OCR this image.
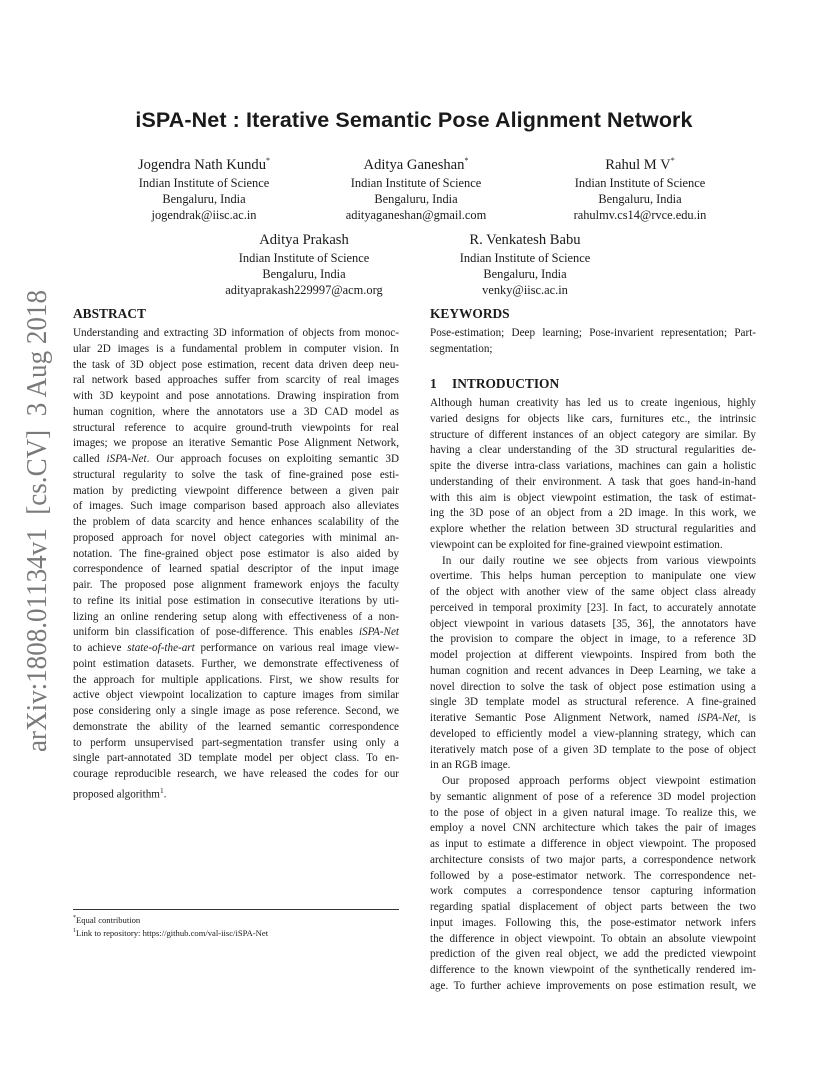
arXiv:1808.01134v1  [cs.CV]  3 Aug 2018
iSPA-Net : Iterative Semantic Pose Alignment Network
Jogendra Nath Kundu*
Indian Institute of Science
Bengaluru, India
jogendrak@iisc.ac.in
Aditya Ganeshan*
Indian Institute of Science
Bengaluru, India
adityaganeshan@gmail.com
Rahul M V*
Indian Institute of Science
Bengaluru, India
rahulmv.cs14@rvce.edu.in
Aditya Prakash
Indian Institute of Science
Bengaluru, India
adityaprakash229997@acm.org
R. Venkatesh Babu
Indian Institute of Science
Bengaluru, India
venky@iisc.ac.in
ABSTRACT
Understanding and extracting 3D information of objects from monoc-
ular 2D images is a fundamental problem in computer vision. In
the task of 3D object pose estimation, recent data driven deep neu-
ral network based approaches suffer from scarcity of real images
with 3D keypoint and pose annotations. Drawing inspiration from
human cognition, where the annotators use a 3D CAD model as
structural reference to acquire ground-truth viewpoints for real
images; we propose an iterative Semantic Pose Alignment Network,
called iSPA-Net. Our approach focuses on exploiting semantic 3D
structural regularity to solve the task of fine-grained pose esti-
mation by predicting viewpoint difference between a given pair
of images. Such image comparison based approach also alleviates
the problem of data scarcity and hence enhances scalability of the
proposed approach for novel object categories with minimal an-
notation. The fine-grained object pose estimator is also aided by
correspondence of learned spatial descriptor of the input image
pair. The proposed pose alignment framework enjoys the faculty
to refine its initial pose estimation in consecutive iterations by uti-
lizing an online rendering setup along with effectiveness of a non-
uniform bin classification of pose-difference. This enables iSPA-Net
to achieve state-of-the-art performance on various real image view-
point estimation datasets. Further, we demonstrate effectiveness of
the approach for multiple applications. First, we show results for
active object viewpoint localization to capture images from similar
pose considering only a single image as pose reference. Second, we
demonstrate the ability of the learned semantic correspondence
to perform unsupervised part-segmentation transfer using only a
single part-annotated 3D template model per object class. To en-
courage reproducible research, we have released the codes for our
proposed algorithm$^1$.
KEYWORDS
Pose-estimation; Deep learning; Pose-invarient representation; Part-
segmentation;
1 INTRODUCTION
Although human creativity has led us to create ingenious, highly
varied designs for objects like cars, furnitures etc., the intrinsic
structure of different instances of an object category are similar. By
having a clear understanding of the 3D structural regularities de-
spite the diverse intra-class variations, machines can gain a holistic
understanding of their environment. A task that goes hand-in-hand
with this aim is object viewpoint estimation, the task of estimat-
ing the 3D pose of an object from a 2D image. In this work, we
explore whether the relation between 3D structural regularities and
viewpoint can be exploited for fine-grained viewpoint estimation.
In our daily routine we see objects from various viewpoints
overtime. This helps human perception to manipulate one view
of the object with another view of the same object class already
perceived in temporal proximity [23]. In fact, to accurately annotate
object viewpoint in various datasets [35, 36], the annotators have
the provision to compare the object in image, to a reference 3D
model projection at different viewpoints. Inspired from both the
human cognition and recent advances in Deep Learning, we take a
novel direction to solve the task of object pose estimation using a
single 3D template model as structural reference. A fine-grained
iterative Semantic Pose Alignment Network, named iSPA-Net, is
developed to efficiently model a view-planning strategy, which can
iteratively match pose of a given 3D template to the pose of object
in an RGB image.
Our proposed approach performs object viewpoint estimation
by semantic alignment of pose of a reference 3D model projection
to the pose of object in a given natural image. To realize this, we
employ a novel CNN architecture which takes the pair of images
as input to estimate a difference in object viewpoint. The proposed
architecture consists of two major parts, a correspondence network
followed by a pose-estimator network. The correspondence net-
work computes a correspondence tensor capturing information
regarding spatial displacement of object parts between the two
input images. Following this, the pose-estimator network infers
the difference in object viewpoint. To obtain an absolute viewpoint
prediction of the given real object, we add the predicted viewpoint
difference to the known viewpoint of the synthetically rendered im-
age. To further achieve improvements on pose estimation result, we
*Equal contribution
$^1$Link to repository: https://github.com/val-iisc/iSPA-Net
